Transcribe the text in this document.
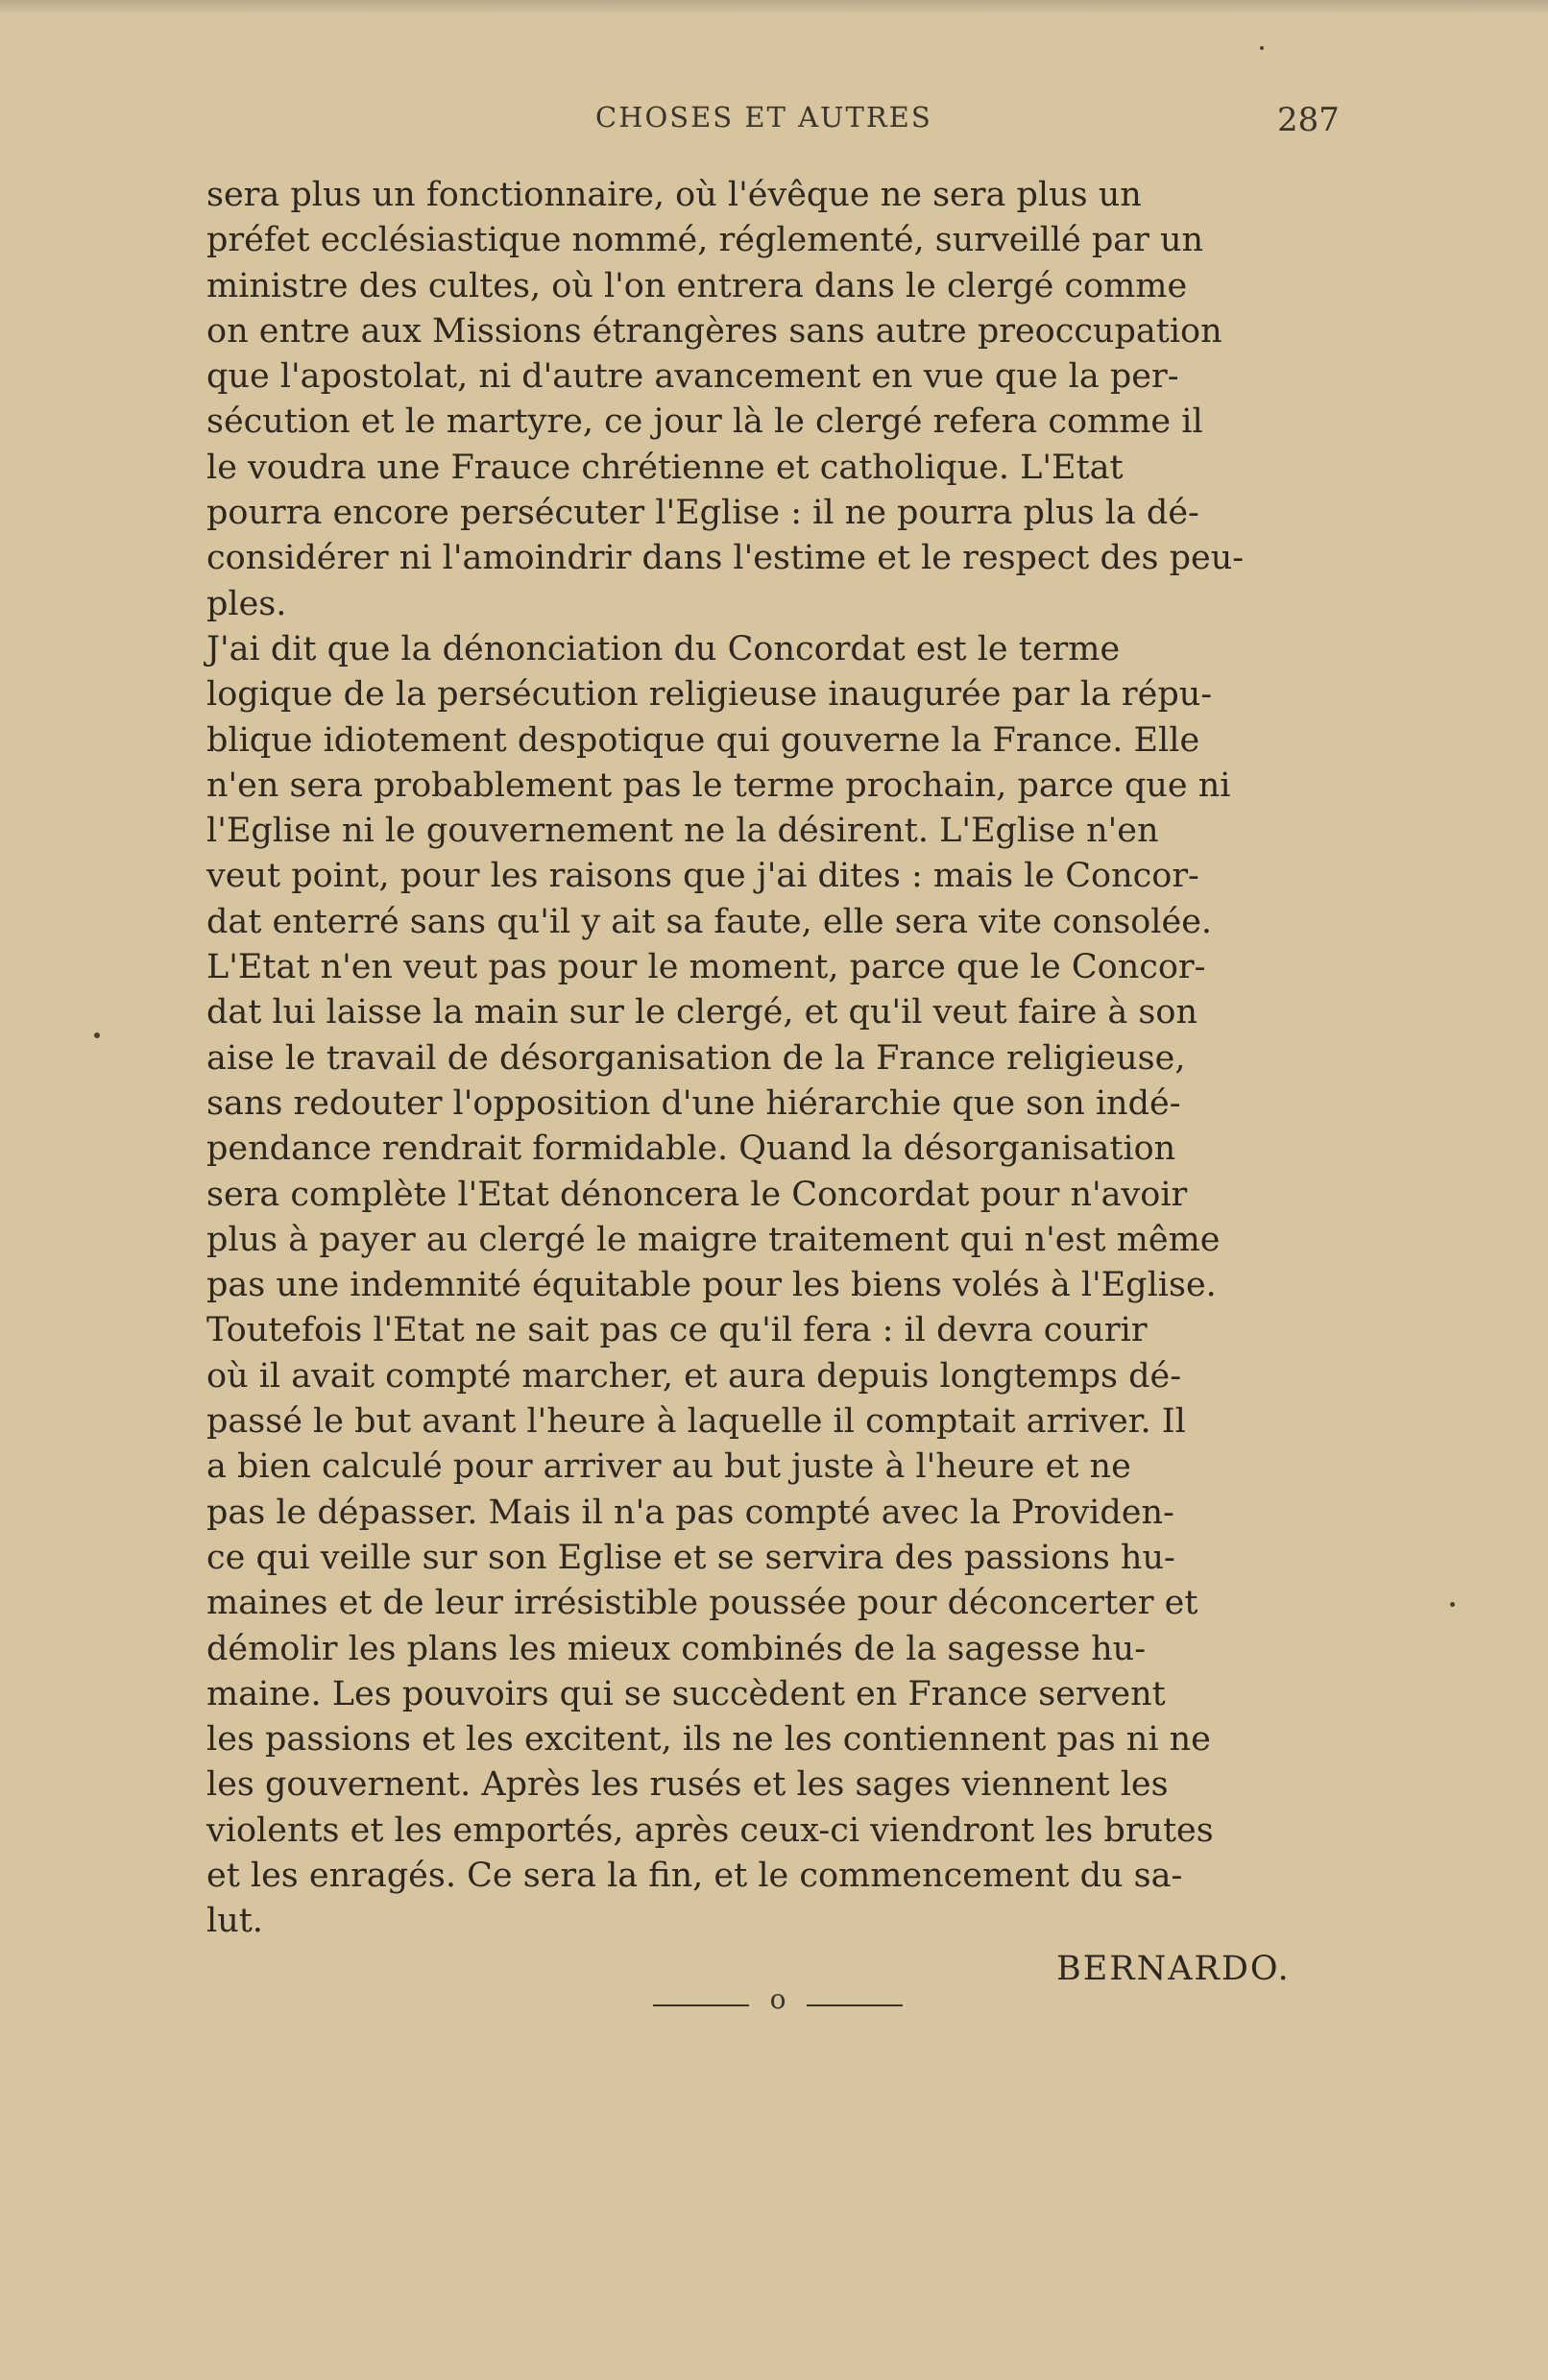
CHOSES ET AUTRES	287

sera plus un fonctionnaire, où l'évêque ne sera plus un
préfet ecclésiastique nommé, réglementé, surveillé par un
ministre des cultes, où l'on entrera dans le clergé comme
on entre aux Missions étrangères sans autre preoccupation
que l'apostolat, ni d'autre avancement en vue que la per-
sécution et le martyre, ce jour là le clergé refera comme il
le voudra une Frauce chrétienne et catholique. L'Etat
pourra encore persécuter l'Eglise : il ne pourra plus la dé-
considérer ni l'amoindrir dans l'estime et le respect des peu-
ples.

J'ai dit que la dénonciation du Concordat est le terme
logique de la persécution religieuse inaugurée par la répu-
blique idiotement despotique qui gouverne la France. Elle
n'en sera probablement pas le terme prochain, parce que ni
l'Eglise ni le gouvernement ne la désirent. L'Eglise n'en
veut point, pour les raisons que j'ai dites : mais le Concor-
dat enterré sans qu'il y ait sa faute, elle sera vite consolée.
L'Etat n'en veut pas pour le moment, parce que le Concor-
dat lui laisse la main sur le clergé, et qu'il veut faire à son
aise le travail de désorganisation de la France religieuse,
sans redouter l'opposition d'une hiérarchie que son indé-
pendance rendrait formidable. Quand la désorganisation
sera complète l'Etat dénoncera le Concordat pour n'avoir
plus à payer au clergé le maigre traitement qui n'est même
pas une indemnité équitable pour les biens volés à l'Eglise.
Toutefois l'Etat ne sait pas ce qu'il fera : il devra courir
où il avait compté marcher, et aura depuis longtemps dé-
passé le but avant l'heure à laquelle il comptait arriver. Il
a bien calculé pour arriver au but juste à l'heure et ne
pas le dépasser. Mais il n'a pas compté avec la Providen-
ce qui veille sur son Eglise et se servira des passions hu-
maines et de leur irrésistible poussée pour déconcerter et
démolir les plans les mieux combinés de la sagesse hu-
maine. Les pouvoirs qui se succèdent en France servent
les passions et les excitent, ils ne les contiennent pas ni ne
les gouvernent. Après les rusés et les sages viennent les
violents et les emportés, après ceux-ci viendront les brutes
et les enragés. Ce sera la fin, et le commencement du sa-
lut.

BERNARDO.
o
